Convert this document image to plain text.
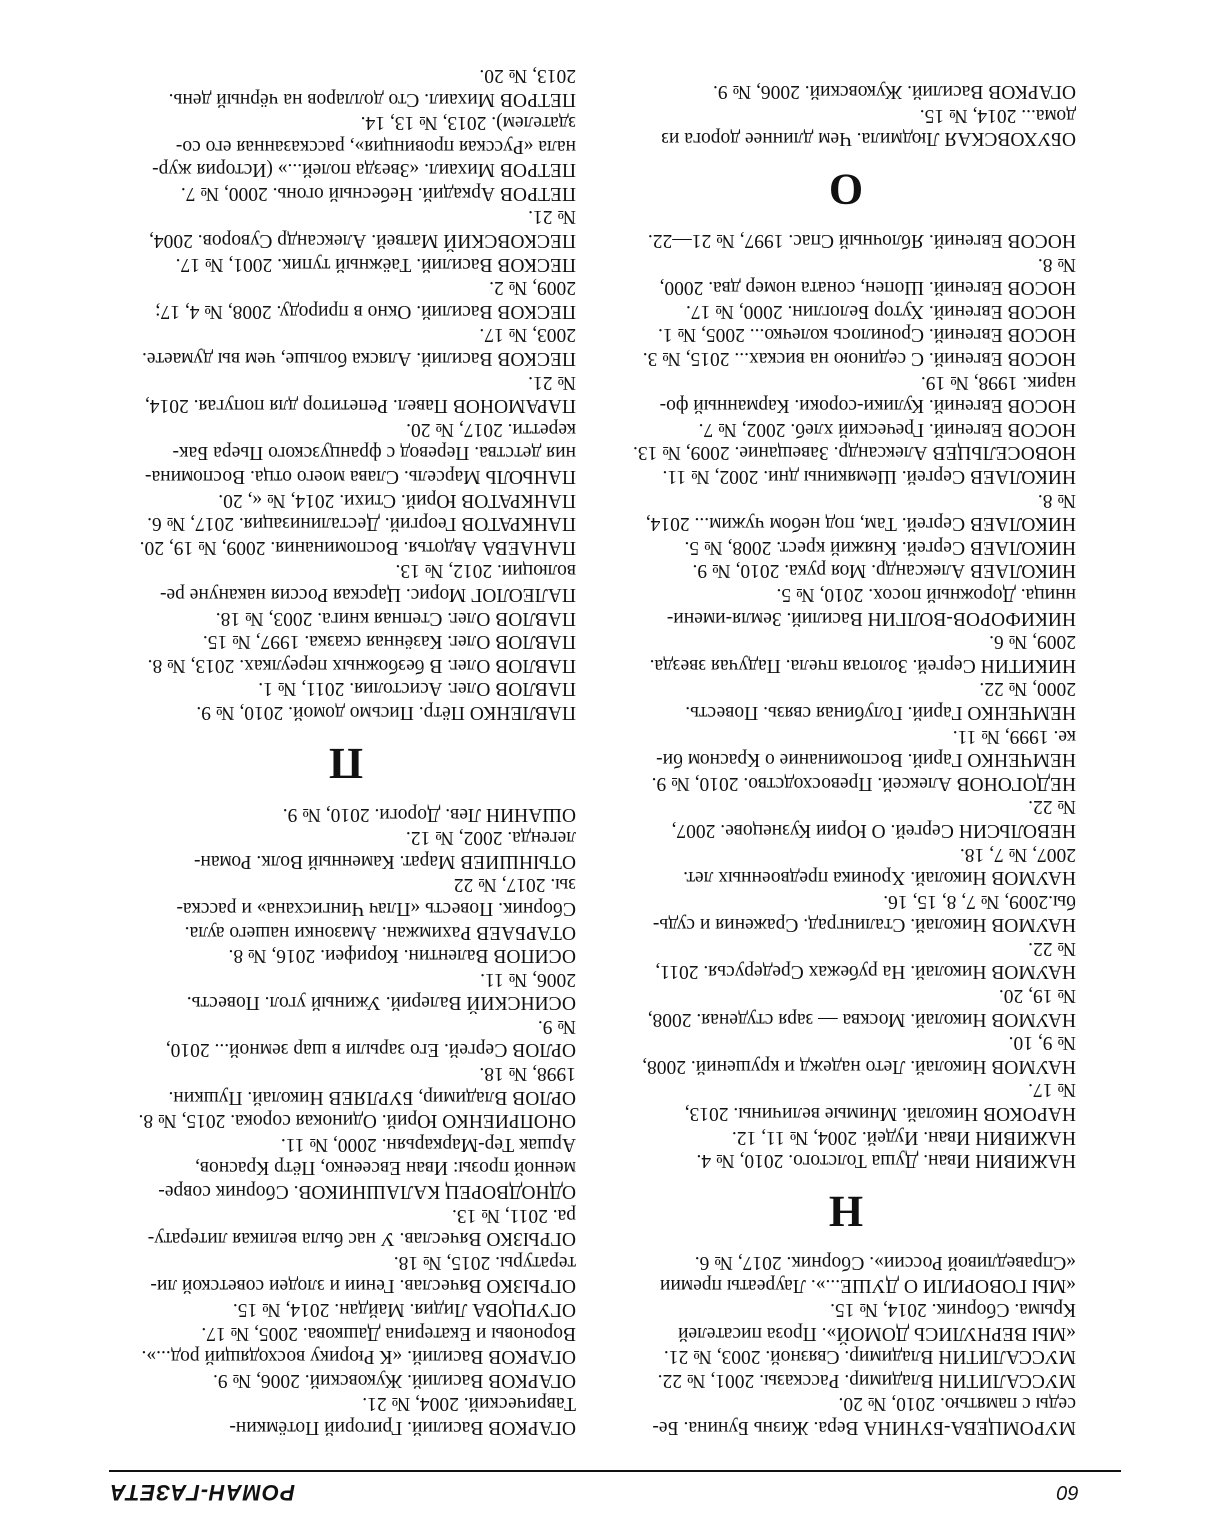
60
РОМАН-ГАЗЕТА
МУРОМЦЕВА-БУНИНА Вера. Жизнь Бунина. Бе-
седы с памятью. 2010, № 20.
МУССАЛИТИН Владимир. Рассказы. 2001, № 22.
МУССАЛИТИН Владимир. Связной. 2003, № 21.
«МЫ ВЕРНУЛИСЬ ДОМОЙ». Проза писателей
Крыма. Сборник. 2014, № 15.
«МЫ ГОВОРИЛИ О ДУШЕ...». Лауреаты премии
«Справедливой России». Сборник. 2017, № 6.
Н
НАЖИВИН Иван. Душа Толстого. 2010, № 4.
НАЖИВИН Иван. Иудей. 2004, № 11, 12.
НАРОКОВ Николай. Мнимые величины. 2013,
№ 17.
НАУМОВ Николай. Лето надежд и крушений. 2008,
№ 9, 10.
НАУМОВ Николай. Москва — заря студеная. 2008,
№ 19, 20.
НАУМОВ Николай. На рубежах Средерусья. 2011,
№ 22.
НАУМОВ Николай. Сталинград. Сражения и судь-
бы.2009, № 7, 8, 15, 16.
НАУМОВ Николай. Хроника предвоенных лет.
2007, № 7, 18.
НЕВОЛЬСИН Сергей. О Юрии Кузнецове. 2007,
№ 22.
НЕДОГОНОВ Алексей. Превосходство. 2010, № 9.
НЕМЧЕНКО Гарий. Воспоминание о Красном би-
ке. 1999, № 11.
НЕМЧЕНКО Гарий. Голубиная связь. Повесть.
2000, № 22.
НИКИТИН Сергей. Золотая пчела. Падучая звезда.
2009, № 6.
НИКИФОРОВ-ВОЛГИН Василий. Земля-имени-
нница. Дорожный посох. 2010, № 5.
НИКОЛАЕВ Александр. Моя рука. 2010, № 9.
НИКОЛАЕВ Сергей. Княжий крест. 2008, № 5.
НИКОЛАЕВ Сергей. Там, под небом чужим... 2014,
№ 8.
НИКОЛАЕВ Сергей. Шемякины дни. 2002, № 11.
НОВОСЕЛЬЦЕВ Александр. Завещание. 2009, № 13.
НОСОВ Евгений. Греческий хлеб. 2002, № 7.
НОСОВ Евгений. Кулики-сороки. Карманный фо-
нарик. 1998, № 19.
НОСОВ Евгений. С сединою на висках... 2015, № 3.
НОСОВ Евгений. Сронилось колечко... 2005, № 1.
НОСОВ Евгений. Хутор Белоглин. 2000, № 17.
НОСОВ Евгений. Шопен, соната номер два. 2000,
№ 8.
НОСОВ Евгений. Яблочный Спас. 1997, № 21—22.
О
ОБУХОВСКАЯ Людмила. Чем длиннее дорога из
дома... 2014, № 15.
ОГАРКОВ Василий. Жуковский. 2006, № 9.
ОГАРКОВ Василий. Григорий Потёмкин-
Таврический. 2004, № 21.
ОГАРКОВ Василий. Жуковский. 2006, № 9.
ОГАРКОВ Василий. «К Рюрику восходящий род...».
Вороновы и Екатерина Дашкова. 2005, № 17.
ОГУРЦОВА Лидия. Майдан. 2014, № 15.
ОГРЫЗКО Вячеслав. Гении и злодеи советской ли-
тературы. 2015, № 18.
ОГРЫЗКО Вячеслав. У нас была великая литерату-
ра. 2011, № 13.
ОДНОДВОРЕЦ КАЛАШНИКОВ. Сборник совре-
менной прозы: Иван Евсеенко, Пётр Краснов,
Аршак Тер-Маркарьян. 2000, № 11.
ОНОПРИЕНКО Юрий. Одинокая сорока. 2015, № 8.
ОРЛОВ Владимир, БУРЛЯЕВ Николай. Пушкин.
1998, № 18.
ОРЛОВ Сергей. Его зарыли в шар земной... 2010,
№ 9.
ОСИНСКИЙ Валерий. Ужиный угол. Повесть.
2006, № 11.
ОСИПОВ Валентин. Корифеи. 2016, № 8.
ОТАРБАЕВ Рахимжан. Амазонки нашего аула.
Сборник. Повесть «Плач Чингисхана» и расска-
зы. 2017, № 22
ОТЫНШИЕВ Марат. Каменный Волк. Роман-
легенда. 2002, № 12.
ОШАНИН Лев. Дороги. 2010, № 9.
П
ПАВЛЕНКО Пётр. Письмо домой. 2010, № 9.
ПАВЛОВ Олег. Асистолия. 2011, № 1.
ПАВЛОВ Олег. В безбожных переулках. 2013, № 8.
ПАВЛОВ Олег. Казённая сказка. 1997, № 15.
ПАВЛОВ Олег. Степная книга. 2003, № 18.
ПАЛЕОЛОГ Морис. Царская Россия накануне ре-
волюции. 2012, № 13.
ПАНАЕВА Авдотья. Воспоминания. 2009, № 19, 20.
ПАНКРАТОВ Георгий. Десталинизация. 2017, № 6.
ПАНКРАТОВ Юрий. Стихи. 2014, № «, 20.
ПАНЬОЛЬ Марсель. Слава моего отца. Воспомина-
ния детства. Перевод с французского Пьера Бак-
керетти. 2017, № 20.
ПАРАМОНОВ Павел. Репетитор для попугая. 2014,
№ 21.
ПЕСКОВ Василий. Аляска больше, чем вы думаете.
2003, № 17.
ПЕСКОВ Василий. Окно в природу. 2008, № 4, 17;
2009, № 2.
ПЕСКОВ Василий. Таёжный тупик. 2001, № 17.
ПЕСКОВСКИЙ Матвей. Александр Суворов. 2004,
№ 21.
ПЕТРОВ Аркадий. Небесный огонь. 2000, № 7.
ПЕТРОВ Михаил. «Звезда полей...» (История жур-
нала «Русская провинция», рассказанная его со-
здателем). 2013, № 13, 14.
ПЕТРОВ Михаил. Сто долларов на чёрный день.
2013, № 20.
